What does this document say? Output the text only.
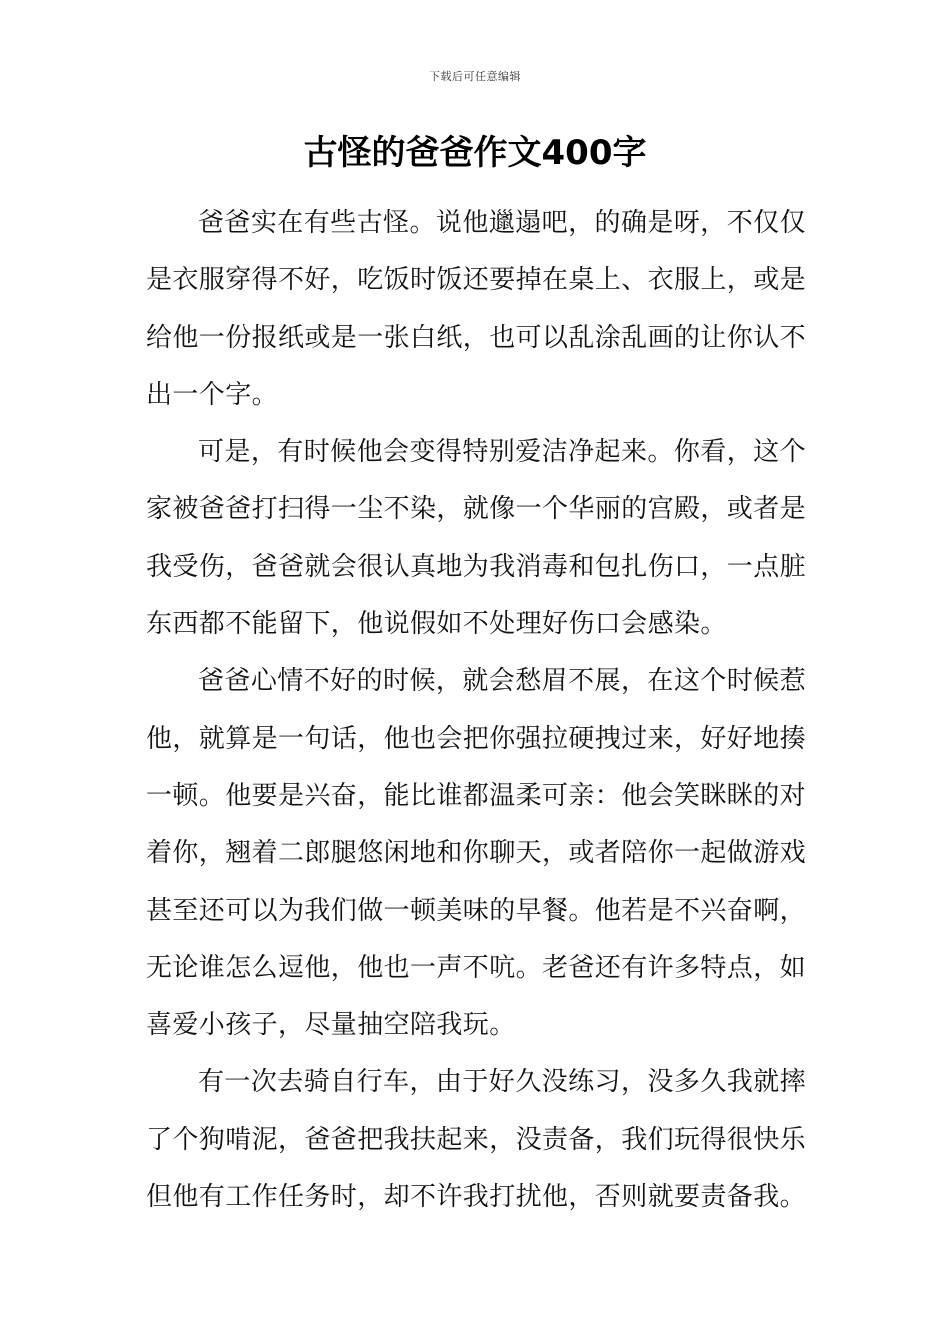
下载后可任意编辑
古怪的爸爸作文400字

爸爸实在有些古怪。说他邋遢吧，的确是呀，不仅仅是衣服穿得不好，吃饭时饭还要掉在桌上、衣服上，或是给他一份报纸或是一张白纸，也可以乱涂乱画的让你认不出一个字。

可是，有时候他会变得特别爱洁净起来。你看，这个家被爸爸打扫得一尘不染，就像一个华丽的宫殿，或者是我受伤，爸爸就会很认真地为我消毒和包扎伤口，一点脏东西都不能留下，他说假如不处理好伤口会感染。

爸爸心情不好的时候，就会愁眉不展，在这个时候惹他，就算是一句话，他也会把你强拉硬拽过来，好好地揍一顿。他要是兴奋，能比谁都温柔可亲：他会笑眯眯的对着你，翘着二郎腿悠闲地和你聊天，或者陪你一起做游戏甚至还可以为我们做一顿美味的早餐。他若是不兴奋啊，无论谁怎么逗他，他也一声不吭。老爸还有许多特点，如喜爱小孩子，尽量抽空陪我玩。

有一次去骑自行车，由于好久没练习，没多久我就摔了个狗啃泥，爸爸把我扶起来，没责备，我们玩得很快乐但他有工作任务时，却不许我打扰他，否则就要责备我。
